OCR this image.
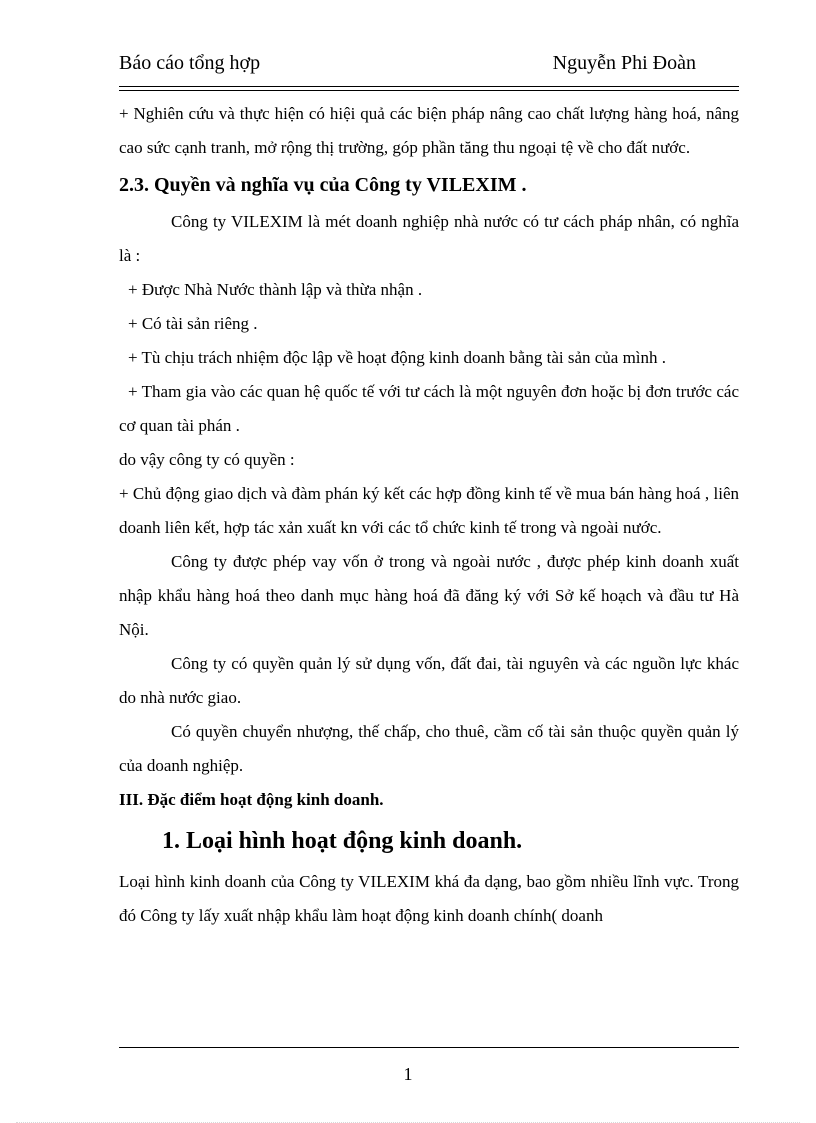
Báo cáo tổng hợp	Nguyễn Phi Đoàn

+ Nghiên cứu và thực hiện có hiệi quả các biện pháp nâng cao chất lượng hàng hoá, nâng cao sức cạnh tranh, mở rộng thị trường, góp phần tăng thu ngoại tệ về cho đất nước.

2.3. Quyền và nghĩa vụ của Công ty VILEXIM .

Công ty VILEXIM là mét doanh nghiệp nhà nước có tư cách pháp nhân, có nghĩa là :

+ Được Nhà Nước thành lập và thừa nhận .

+ Có tài sản riêng .

+ Tù chịu trách nhiệm độc lập về hoạt động kinh doanh bằng tài sản của mình .

+ Tham gia vào các quan hệ quốc tế với tư cách là một nguyên đơn hoặc bị đơn trước các cơ quan tài phán .

do vậy công ty có quyền :

+ Chủ động giao dịch và đàm phán ký kết các hợp đồng kinh tế về mua bán hàng hoá , liên doanh liên kết, hợp tác xản xuất kn với các tổ chức kinh tế trong và ngoài nước.

Công ty được phép vay vốn ở trong và ngoài nước , được phép kinh doanh xuất nhập khẩu hàng hoá theo danh mục hàng hoá đã đăng ký với Sở kế hoạch và đầu tư Hà Nội.

Công ty có quyền quản lý sử dụng vốn, đất đai, tài nguyên và các nguồn lực khác do nhà nước giao.

Có quyền chuyển nhượng, thế chấp, cho thuê, cầm cố tài sản thuộc quyền quản lý của doanh nghiệp.

III. Đặc điểm hoạt động kinh doanh.
1. Loại hình hoạt động kinh doanh.

Loại hình kinh doanh của Công ty VILEXIM khá đa dạng, bao gồm nhiều lĩnh vực. Trong đó Công ty lấy xuất nhập khẩu làm hoạt động kinh doanh chính( doanh

1
